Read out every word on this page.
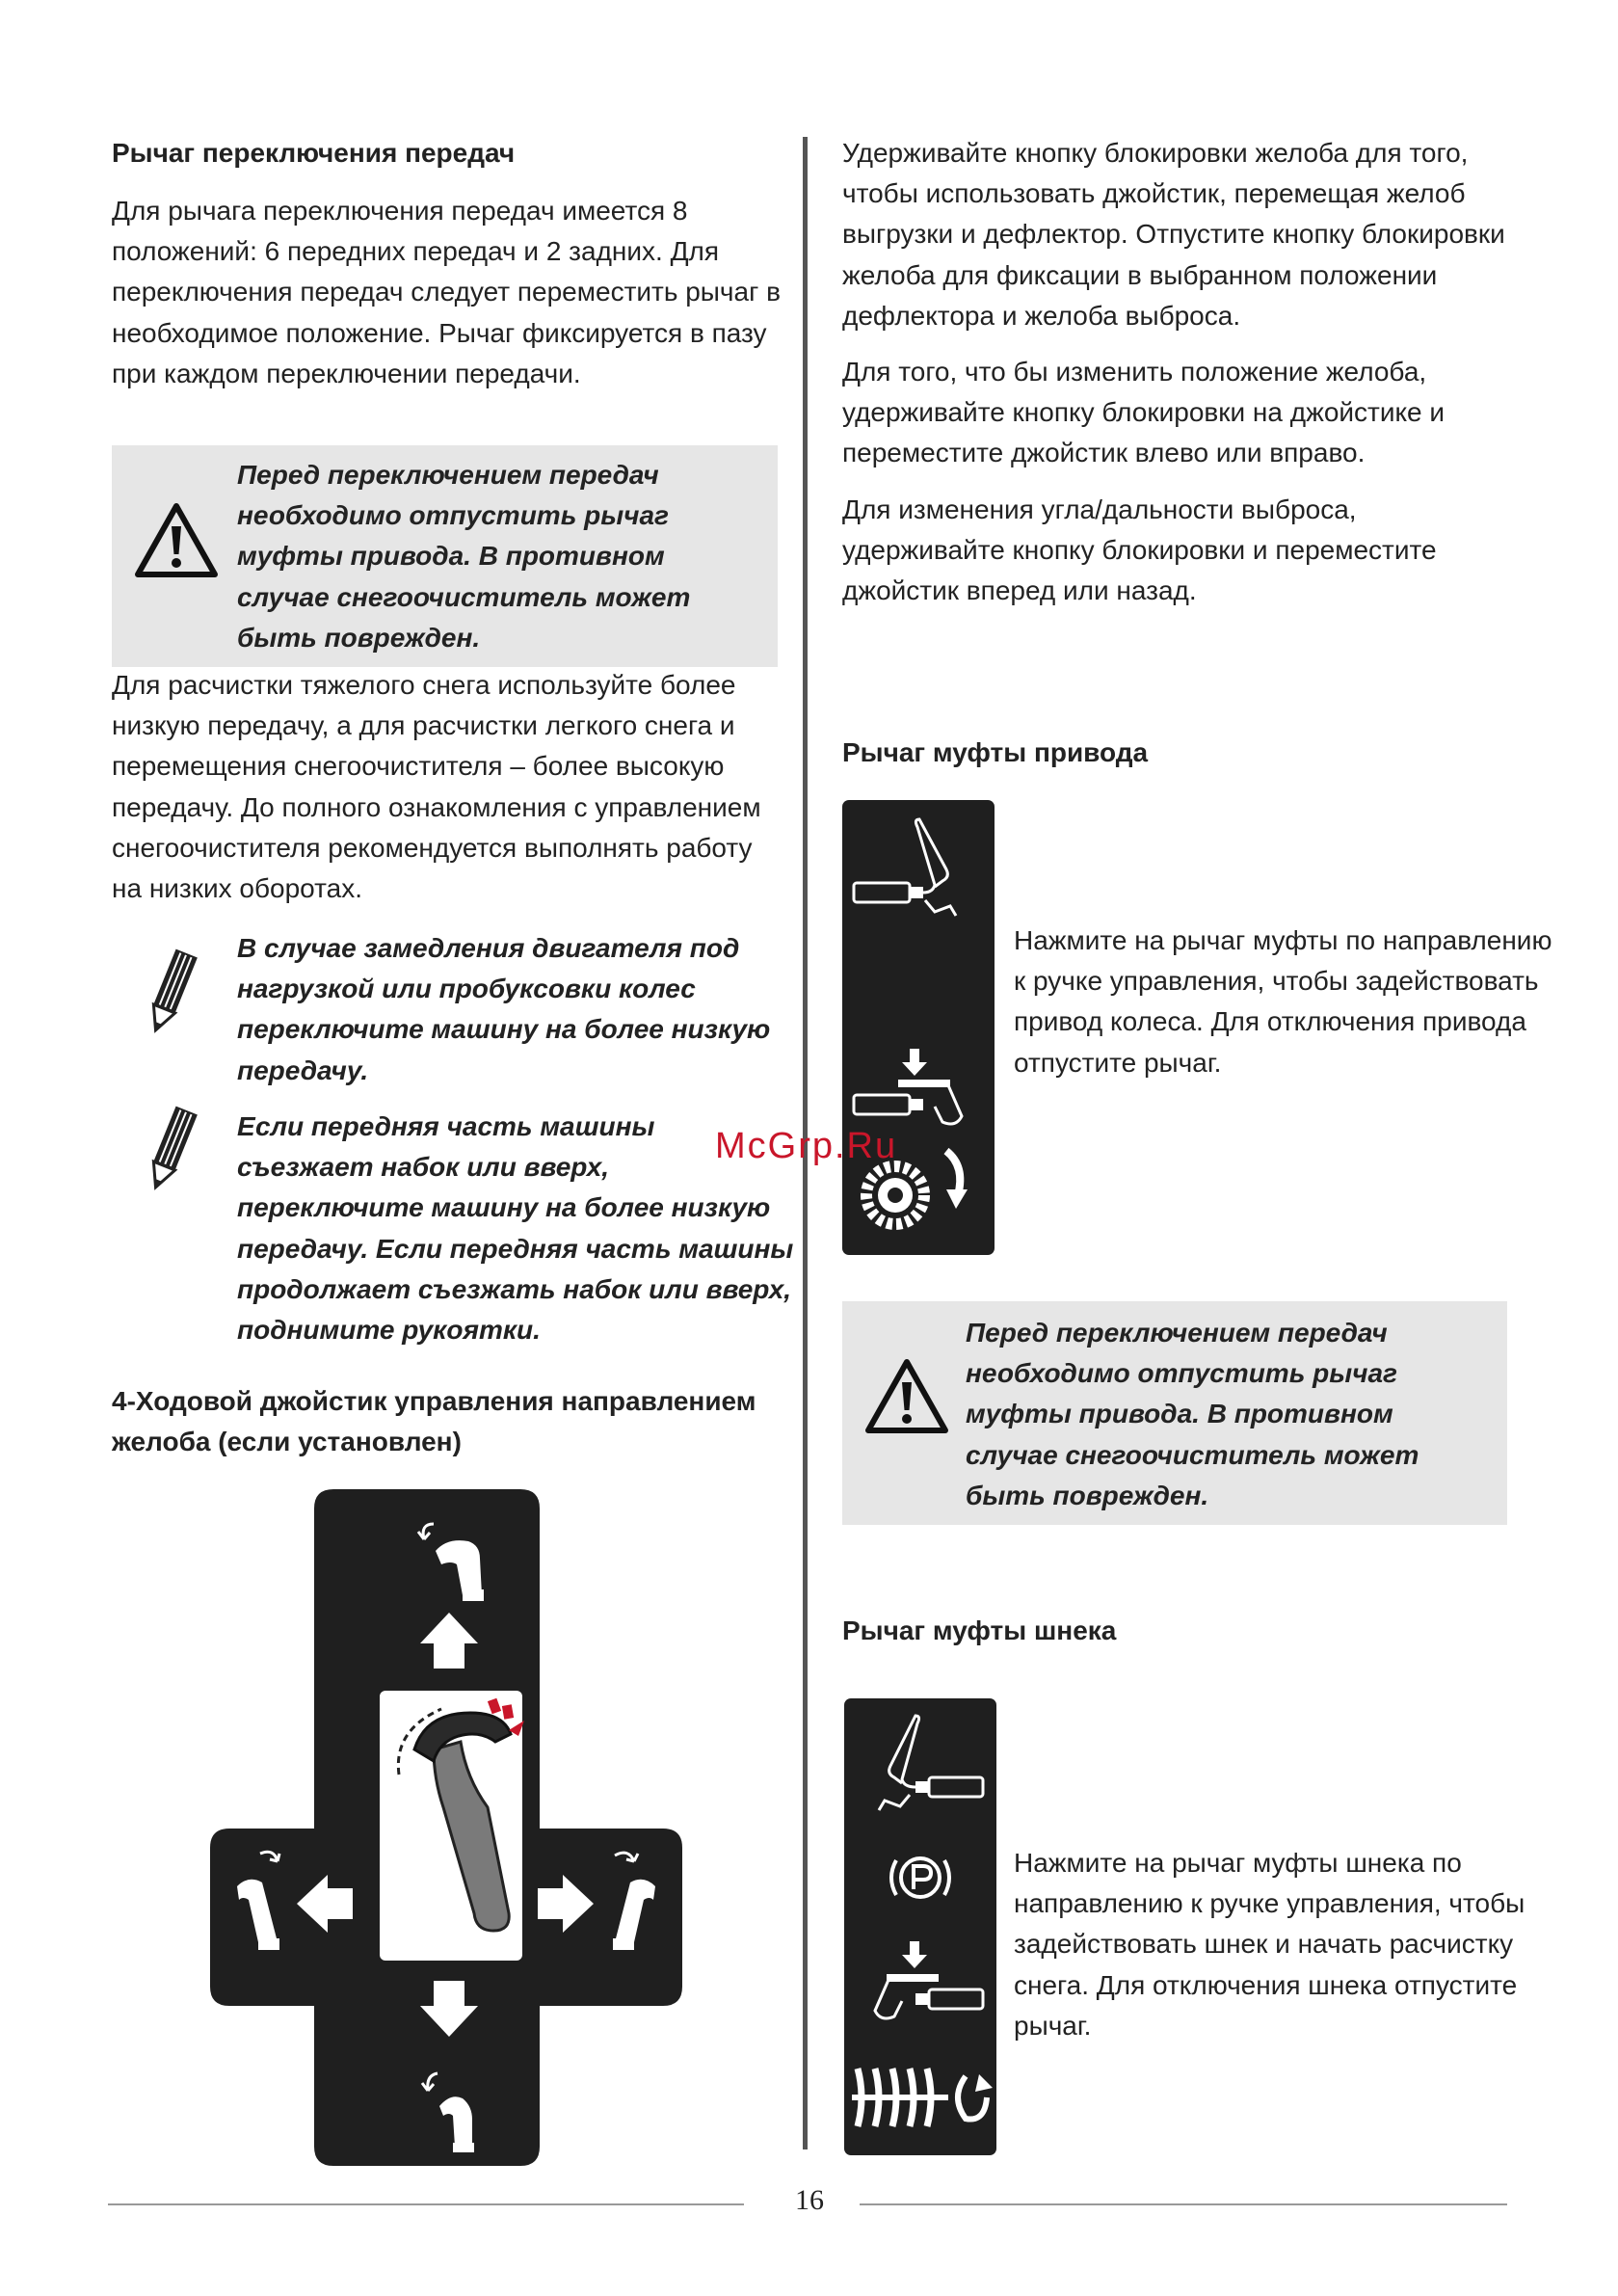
Рычаг переключения передач

Для рычага переключения передач имеется 8 положений: 6 передних передач и 2 задних. Для переключения передач следует переместить рычаг в необходимое положение. Рычаг фиксируется в пазу при каждом переключении передачи.

Перед переключением передач необходимо отпустить рычаг муфты привода. В противном случае снегоочиститель может быть поврежден.

Для расчистки тяжелого снега используйте более низкую передачу, а для расчистки легкого снега и перемещения снегоочистителя – более высокую передачу. До полного ознакомления с управлением снегоочистителя рекомендуется выполнять работу на низких оборотах.

В случае замедления двигателя под нагрузкой или пробуксовки колес переключите машину на более низкую передачу.

Если передняя часть машины съезжает набок или вверх, переключите машину на более низкую передачу. Если передняя часть машины продолжает съезжать набок или вверх, поднимите рукоятки.

4-Ходовой джойстик управления направлением желоба (если установлен)

Удерживайте кнопку блокировки желоба для того, чтобы использовать джойстик, перемещая желоб выгрузки и дефлектор. Отпустите кнопку блокировки желоба для фиксации в выбранном положении дефлектора и желоба выброса.

Для того, что бы изменить положение желоба, удерживайте кнопку блокировки на джойстике и переместите джойстик влево или вправо.

Для изменения угла/дальности выброса, удерживайте кнопку блокировки и переместите джойстик вперед или назад.

Рычаг муфты привода

Нажмите на рычаг муфты по направлению к ручке управления, чтобы задействовать привод колеса. Для отключения привода отпустите рычаг.

Перед переключением передач необходимо отпустить рычаг муфты привода. В противном случае снегоочиститель может быть поврежден.

Рычаг муфты шнека

Нажмите на рычаг муфты шнека по направлению к ручке управления, чтобы задействовать шнек и начать расчистку снега. Для отключения шнека отпустите рычаг.

McGrp.Ru
16
